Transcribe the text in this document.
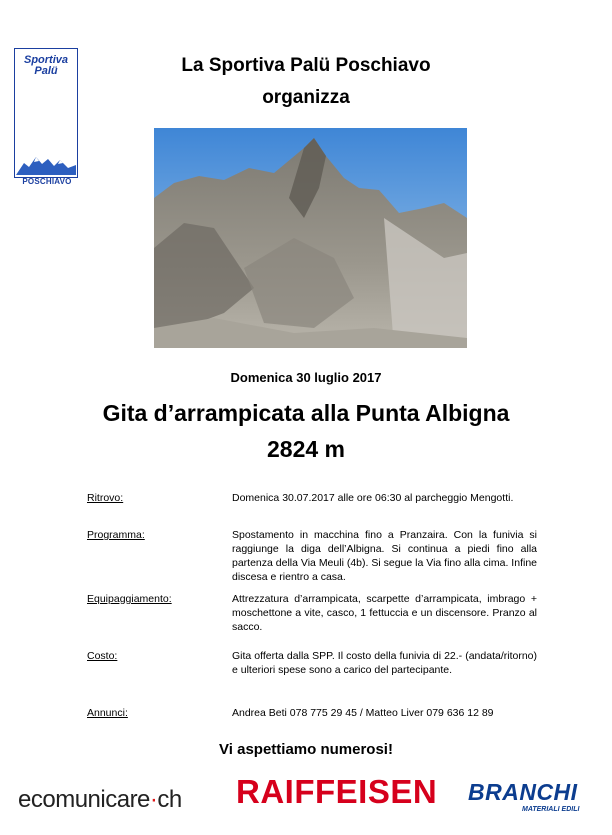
Sportiva
Palü
POSCHIAVO
La Sportiva Palü Poschiavo
organizza
Domenica 30 luglio 2017
Gita d’arrampicata alla Punta Albigna
2824 m
Ritrovo:	Domenica 30.07.2017 alle ore 06:30 al parcheggio Mengotti.
Programma:	Spostamento in macchina fino a Pranzaira. Con la funivia si raggiunge la diga dell’Albigna. Si continua a piedi fino alla partenza della Via Meuli (4b). Si segue la Via fino alla cima. Infine discesa e rientro a casa.
Equipaggiamento:	Attrezzatura d’arrampicata, scarpette d’arrampicata, imbrago + moschettone a vite, casco, 1 fettuccia e un discensore. Pranzo al sacco.
Costo:	Gita offerta dalla SPP. Il costo della funivia di 22.- (andata/ritorno) e ulteriori spese sono a carico del partecipante.
Annunci:	Andrea Beti 078 775 29 45 / Matteo Liver 079 636 12 89
Vi aspettiamo numerosi!
ecomunicare·ch RAIFFEISEN BRANCHI
MATERIALI EDILI
